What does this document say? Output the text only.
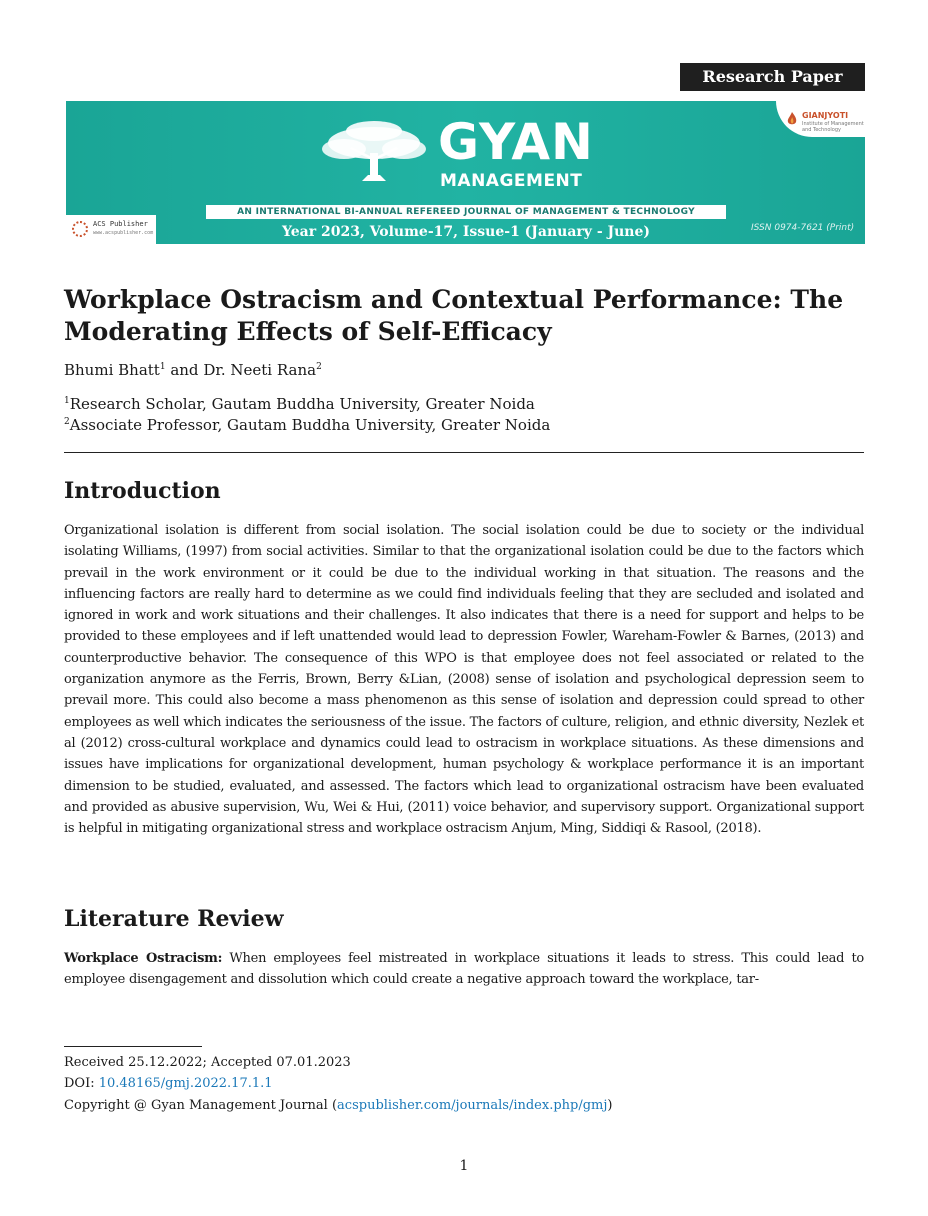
Research Paper
ACS Publisher
www.acspublisher.com
GYAN
MANAGEMENT
AN INTERNATIONAL BI-ANNUAL REFEREED JOURNAL OF MANAGEMENT & TECHNOLOGY
Year 2023, Volume-17, Issue-1 (January - June)	ISSN 0974-7621 (Print)
GIANJYOTI
Institute of Management and Technology
Workplace Ostracism and Contextual Performance: The Moderating Effects of Self-Efficacy
Bhumi Bhatt$^1$ and Dr. Neeti Rana$^2$
$^1$Research Scholar, Gautam Buddha University, Greater Noida
$^2$Associate Professor, Gautam Buddha University, Greater Noida
Introduction

Organizational isolation is different from social isolation. The social isolation could be due to society or the individual isolating Williams, (1997) from social activities. Similar to that the organizational isolation could be due to the factors which prevail in the work environment or it could be due to the individual working in that situation. The reasons and the influencing factors are really hard to determine as we could find individuals feeling that they are secluded and isolated and ignored in work and work situations and their challenges. It also indicates that there is a need for support and helps to be provided to these employees and if left unattended would lead to depression Fowler, Wareham-Fowler & Barnes, (2013) and counterproductive behavior. The consequence of this WPO is that employee does not feel associated or related to the organization anymore as the Ferris, Brown, Berry &Lian, (2008) sense of isolation and psychological depression seem to prevail more. This could also become a mass phenomenon as this sense of isolation and depression could spread to other employees as well which indicates the seriousness of the issue. The factors of culture, religion, and ethnic diversity, Nezlek et al (2012) cross-cultural workplace and dynamics could lead to ostracism in workplace situations. As these dimensions and issues have implications for organizational development, human psychology & workplace performance it is an important dimension to be studied, evaluated, and assessed. The factors which lead to organizational ostracism have been evaluated and provided as abusive supervision, Wu, Wei & Hui, (2011) voice behavior, and supervisory support. Organizational support is helpful in mitigating organizational stress and workplace ostracism Anjum, Ming, Siddiqi & Rasool, (2018).

Literature Review

Workplace Ostracism: When employees feel mistreated in workplace situations it leads to stress. This could lead to employee disengagement and dissolution which could create a negative approach toward the workplace, tar-

Received 25.12.2022; Accepted 07.01.2023
DOI: 10.48165/gmj.2022.17.1.1
Copyright @ Gyan Management Journal (acspublisher.com/journals/index.php/gmj)
1
